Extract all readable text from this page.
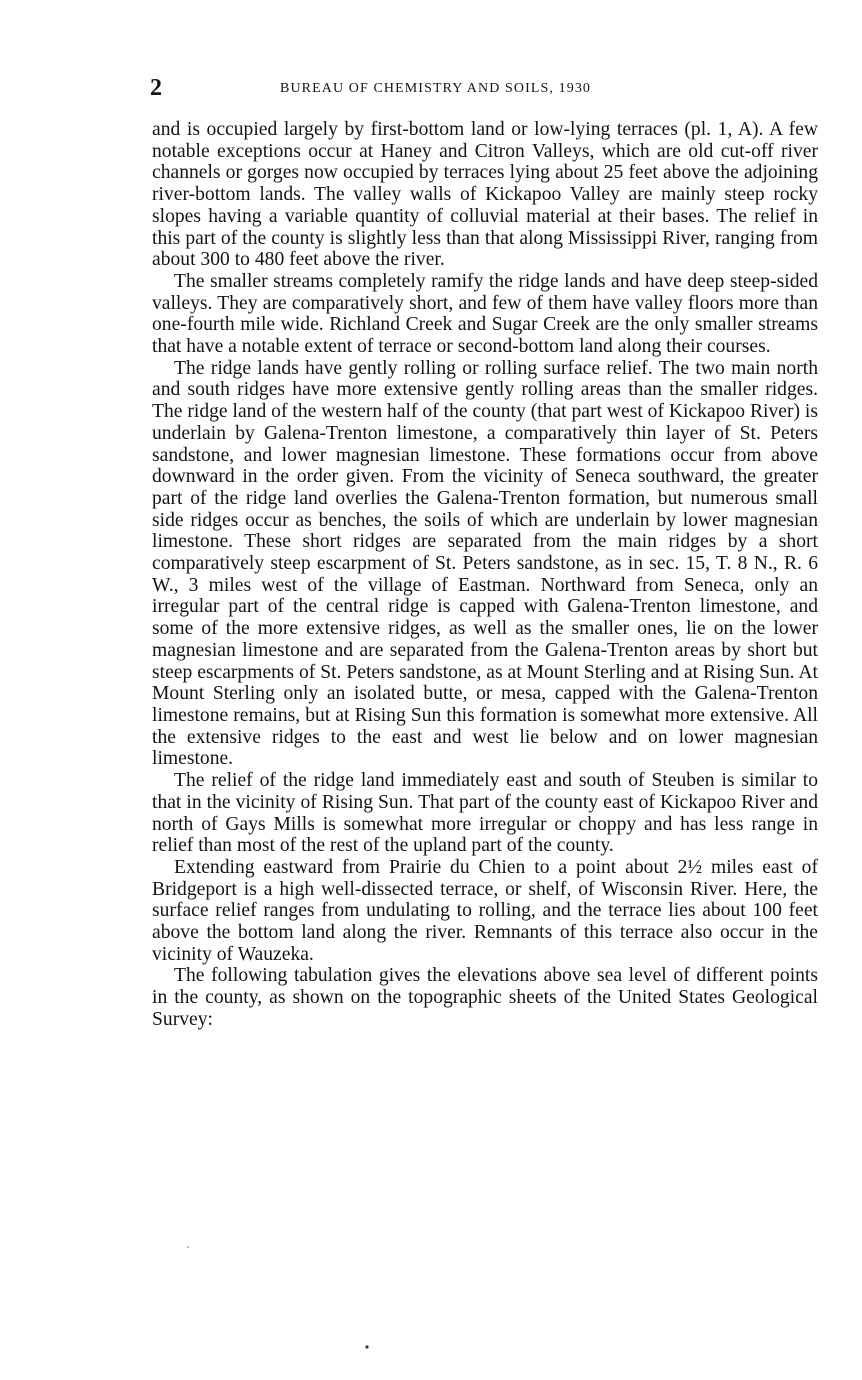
2	BUREAU OF CHEMISTRY AND SOILS, 1930

and is occupied largely by first-bottom land or low-lying terraces (pl. 1, A). A few notable exceptions occur at Haney and Citron Valleys, which are old cut-off river channels or gorges now occupied by terraces lying about 25 feet above the adjoining river-bottom lands. The valley walls of Kickapoo Valley are mainly steep rocky slopes having a variable quantity of colluvial material at their bases. The relief in this part of the county is slightly less than that along Mississippi River, ranging from about 300 to 480 feet above the river.

The smaller streams completely ramify the ridge lands and have deep steep-sided valleys. They are comparatively short, and few of them have valley floors more than one-fourth mile wide. Richland Creek and Sugar Creek are the only smaller streams that have a notable extent of terrace or second-bottom land along their courses.

The ridge lands have gently rolling or rolling surface relief. The two main north and south ridges have more extensive gently rolling areas than the smaller ridges. The ridge land of the western half of the county (that part west of Kickapoo River) is underlain by Galena-Trenton limestone, a comparatively thin layer of St. Peters sandstone, and lower magnesian limestone. These formations occur from above downward in the order given. From the vicinity of Seneca southward, the greater part of the ridge land overlies the Galena-Trenton formation, but numerous small side ridges occur as benches, the soils of which are underlain by lower magnesian limestone. These short ridges are separated from the main ridges by a short comparatively steep escarpment of St. Peters sandstone, as in sec. 15, T. 8 N., R. 6 W., 3 miles west of the village of Eastman. Northward from Seneca, only an irregular part of the central ridge is capped with Galena-Trenton limestone, and some of the more extensive ridges, as well as the smaller ones, lie on the lower magnesian limestone and are separated from the Galena-Trenton areas by short but steep escarpments of St. Peters sandstone, as at Mount Sterling and at Rising Sun. At Mount Sterling only an isolated butte, or mesa, capped with the Galena-Trenton limestone remains, but at Rising Sun this formation is somewhat more extensive. All the extensive ridges to the east and west lie below and on lower magnesian limestone.

The relief of the ridge land immediately east and south of Steuben is similar to that in the vicinity of Rising Sun. That part of the county east of Kickapoo River and north of Gays Mills is somewhat more irregular or choppy and has less range in relief than most of the rest of the upland part of the county.

Extending eastward from Prairie du Chien to a point about 2½ miles east of Bridgeport is a high well-dissected terrace, or shelf, of Wisconsin River. Here, the surface relief ranges from undulating to rolling, and the terrace lies about 100 feet above the bottom land along the river. Remnants of this terrace also occur in the vicinity of Wauzeka.

The following tabulation gives the elevations above sea level of different points in the county, as shown on the topographic sheets of the United States Geological Survey:
